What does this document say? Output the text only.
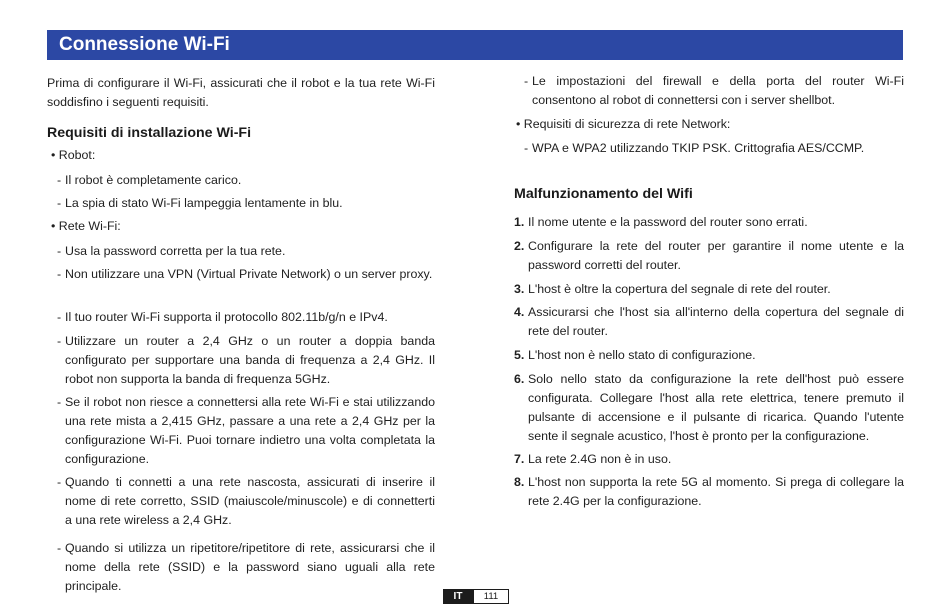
Connessione Wi-Fi
Prima di configurare il Wi-Fi, assicurati che il robot e la tua rete Wi-Fi soddisfino i seguenti requisiti.
Requisiti di installazione Wi-Fi
• Robot:
- Il robot è completamente carico.
- La spia di stato Wi-Fi lampeggia lentamente in blu.
• Rete Wi-Fi:
- Usa la password corretta per la tua rete.
- Non utilizzare una VPN (Virtual Private Network) o un server proxy.
- Il tuo router Wi-Fi supporta il protocollo 802.11b/g/n e IPv4.
- Utilizzare un router a 2,4 GHz o un router a doppia banda configurato per supportare una banda di frequenza a 2,4 GHz. Il robot non supporta la banda di frequenza 5GHz.
- Se il robot non riesce a connettersi alla rete Wi-Fi e stai utilizzando una rete mista a 2,415 GHz, passare a una rete a 2,4 GHz per la configurazione Wi-Fi. Puoi tornare indietro una volta completata la configurazione.
- Quando ti connetti a una rete nascosta, assicurati di inserire il nome di rete corretto, SSID (maiuscole/minuscole) e di connetterti a una rete wireless a 2,4 GHz.
- Quando si utilizza un ripetitore/ripetitore di rete, assicurarsi che il nome della rete (SSID) e la password siano uguali alla rete principale.
- Le impostazioni del firewall e della porta del router Wi-Fi consentono al robot di connettersi con i server shellbot.
• Requisiti di sicurezza di rete Network:
- WPA e WPA2 utilizzando TKIP PSK. Crittografia AES/CCMP.
Malfunzionamento del Wifi
1. Il nome utente e la password del router sono errati.
2. Configurare la rete del router per garantire il nome utente e la password corretti del router.
3. L'host è oltre la copertura del segnale di rete del router.
4. Assicurarsi che l'host sia all'interno della copertura del segnale di rete del router.
5. L'host non è nello stato di configurazione.
6. Solo nello stato da configurazione la rete dell'host può essere configurata. Collegare l'host alla rete elettrica, tenere premuto il pulsante di accensione e il pulsante di ricarica. Quando l'utente sente il segnale acustico, l'host è pronto per la configurazione.
7. La rete 2.4G non è in uso.
8. L'host non supporta la rete 5G al momento. Si prega di collegare la rete 2.4G per la configurazione.
IT	111
